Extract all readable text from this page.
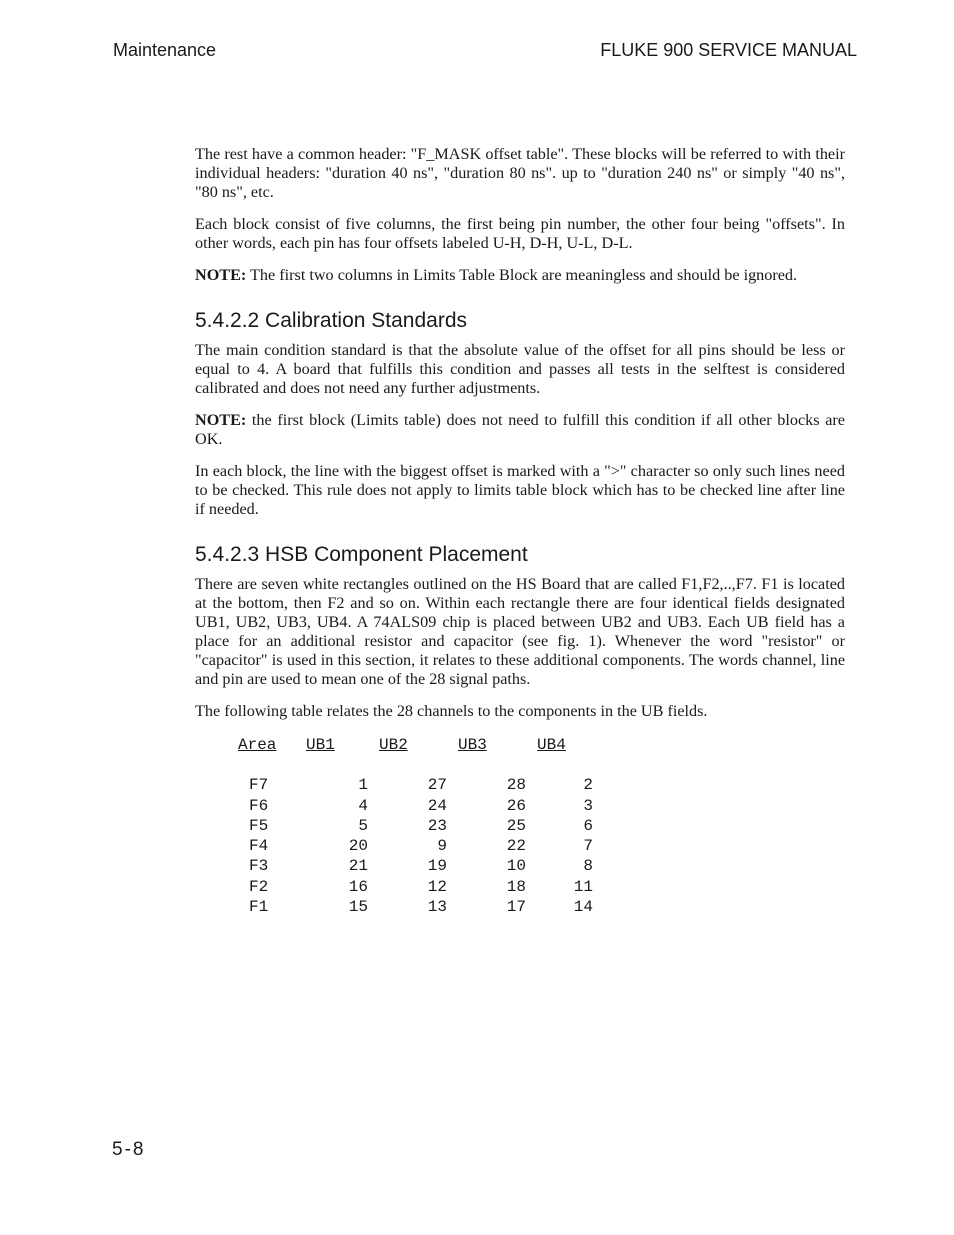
Maintenance	FLUKE 900 SERVICE MANUAL

The rest have a common header: "F_MASK offset table". These blocks will be referred to with their individual headers: "duration 40 ns", "duration 80 ns". up to "duration 240 ns" or simply "40 ns", "80 ns", etc.

Each block consist of five columns, the first being pin number, the other four being "offsets". In other words, each pin has four offsets labeled U-H, D-H, U-L, D-L.

NOTE: The first two columns in Limits Table Block are meaningless and should be ignored.

5.4.2.2 Calibration Standards

The main condition standard is that the absolute value of the offset for all pins should be less or equal to 4. A board that fulfills this condition and passes all tests in the selftest is considered calibrated and does not need any further adjustments.

NOTE: the first block (Limits table) does not need to fulfill this condition if all other blocks are OK.

In each block, the line with the biggest offset is marked with a ">" character so only such lines need to be checked. This rule does not apply to limits table block which has to be checked line after line if needed.

5.4.2.3 HSB Component Placement

There are seven white rectangles outlined on the HS Board that are called F1,F2,..,F7. F1 is located at the bottom, then F2 and so on. Within each rectangle there are four identical fields designated UB1, UB2, UB3, UB4. A 74ALS09 chip is placed between UB2 and UB3. Each UB field has a place for an additional resistor and capacitor (see fig. 1). Whenever the word "resistor" or "capacitor" is used in this section, it relates to these additional components. The words channel, line and pin are used to mean one of the 28 signal paths.

The following table relates the 28 channels to the components in the UB fields.

Area	UB1	UB2	UB3	UB4
F7	1	27	28	2
F6	4	24	26	3
F5	5	23	25	6
F4	20	9	22	7
F3	21	19	10	8
F2	16	12	18	11
F1	15	13	17	14
5-8
